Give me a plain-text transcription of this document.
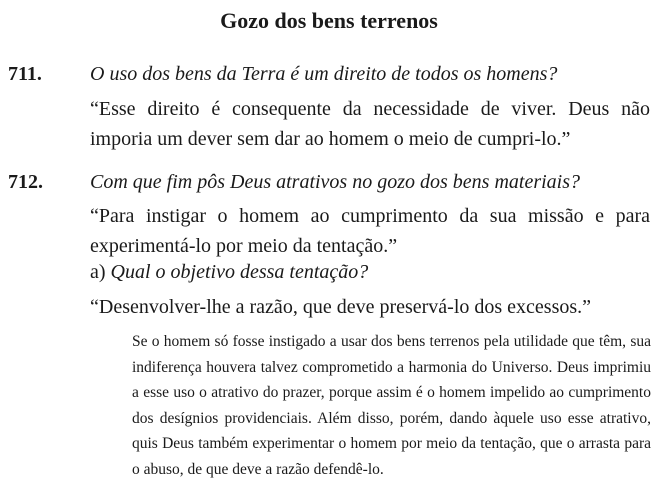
Gozo dos bens terrenos
711. O uso dos bens da Terra é um direito de todos os homens?
“Esse direito é consequente da necessidade de viver. Deus não imporia um dever sem dar ao homem o meio de cumpri-lo.”
712. Com que fim pôs Deus atrativos no gozo dos bens materiais?
“Para instigar o homem ao cumprimento da sua missão e para experimentá-lo por meio da tentação.”
a) Qual o objetivo dessa tentação?
“Desenvolver-lhe a razão, que deve preservá-lo dos excessos.”
Se o homem só fosse instigado a usar dos bens terrenos pela utilidade que têm, sua indiferença houvera talvez comprometido a harmonia do Universo. Deus imprimiu a esse uso o atrativo do prazer, porque assim é o homem impelido ao cumprimento dos desígnios providenciais. Além disso, porém, dando àquele uso esse atrativo, quis Deus também experimentar o homem por meio da tentação, que o arrasta para o abuso, de que deve a razão defendê-lo.
